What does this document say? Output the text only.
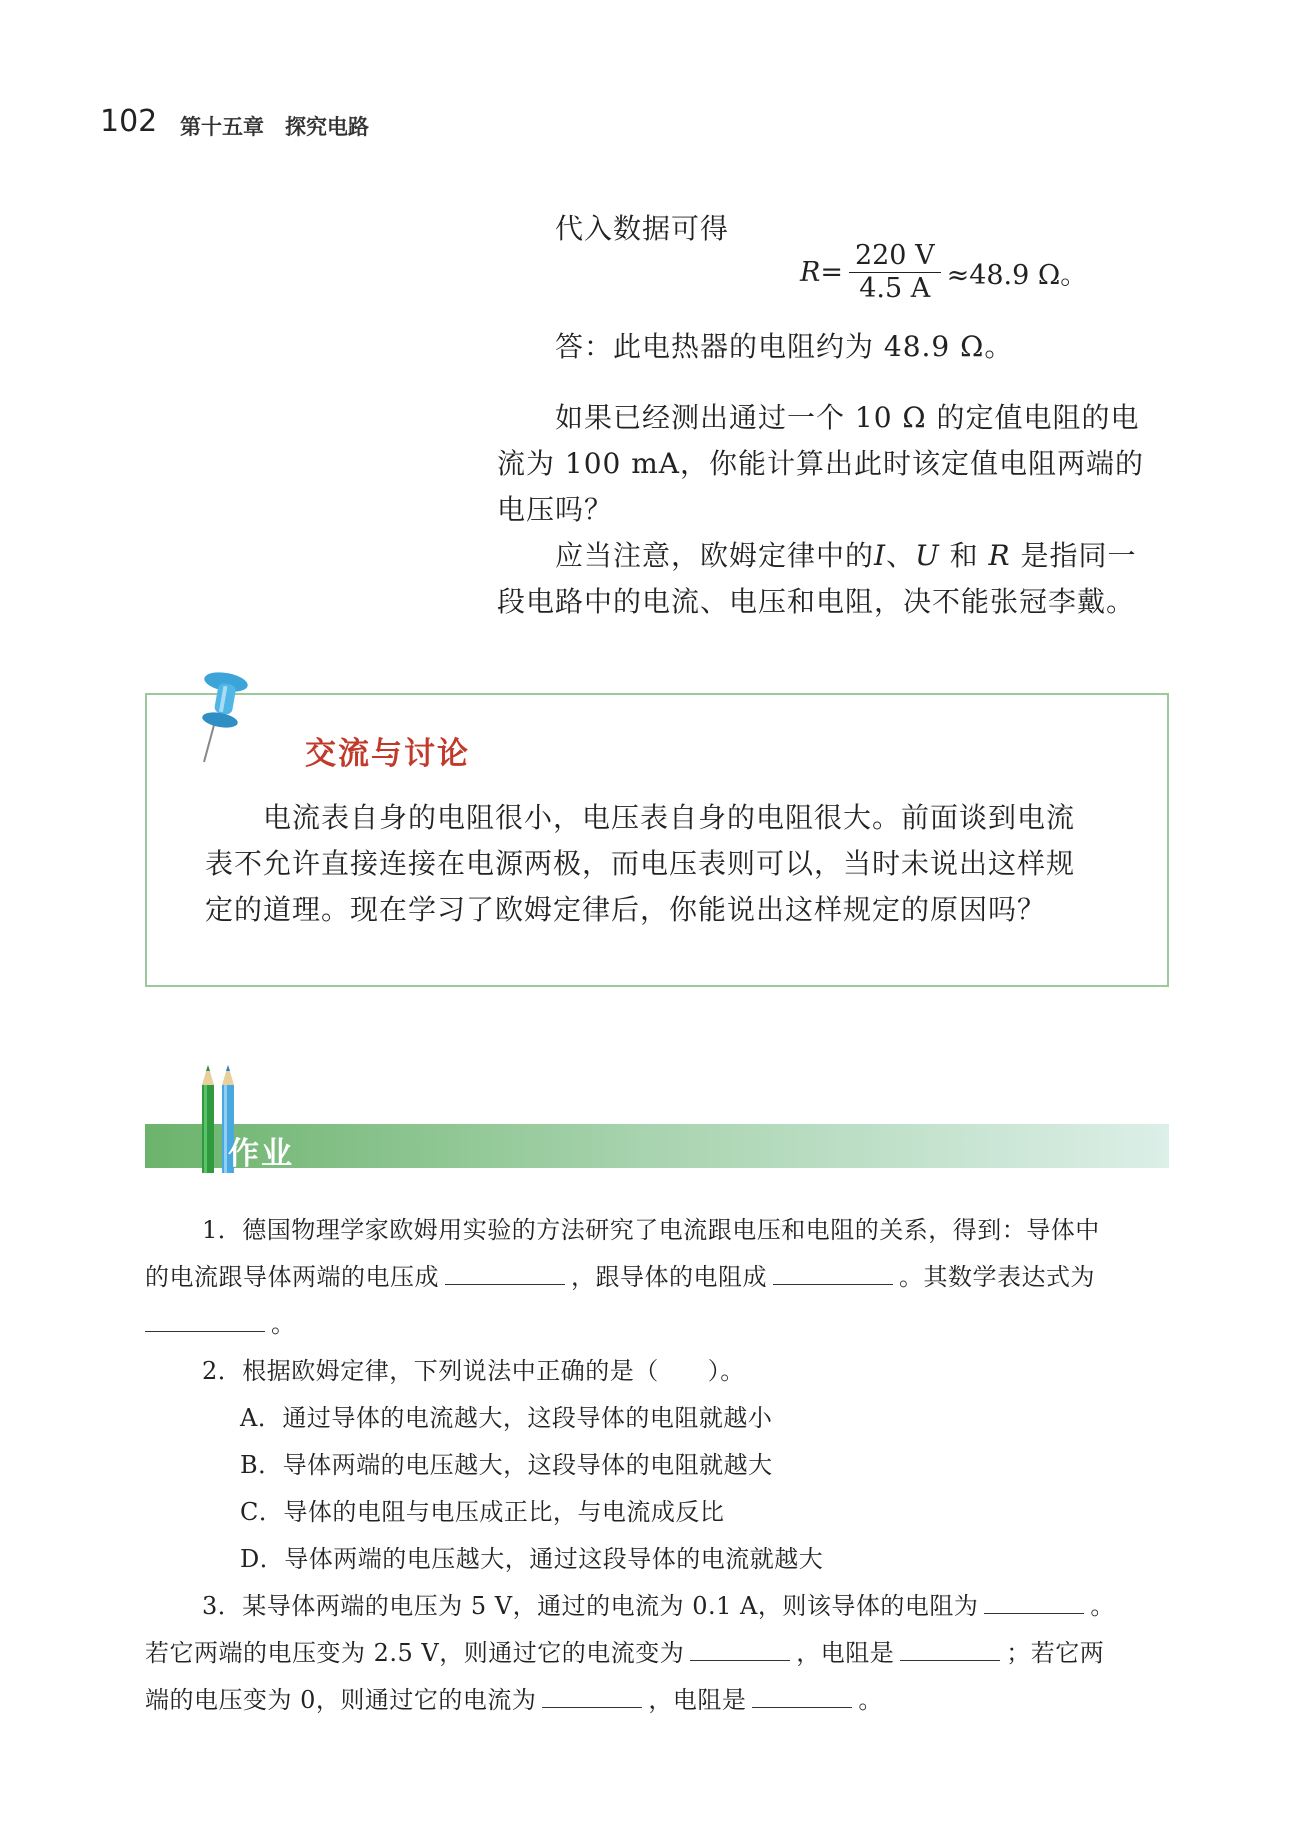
102 第十五章　探究电路
代入数据可得
$R= \frac{220 V}{4.5 A} \approx 48.9$ Ω。
答：此电热器的电阻约为 48.9 Ω。
如果已经测出通过一个 10 Ω 的定值电阻的电
流为 100 mA，你能计算出此时该定值电阻两端的
电压吗？
应当注意，欧姆定律中的I、U 和 R 是指同一
段电路中的电流、电压和电阻，决不能张冠李戴。
交流与讨论
电流表自身的电阻很小，电压表自身的电阻很大。前面谈到电流
表不允许直接连接在电源两极，而电压表则可以，当时未说出这样规
定的道理。现在学习了欧姆定律后，你能说出这样规定的原因吗？
作业
1．德国物理学家欧姆用实验的方法研究了电流跟电压和电阻的关系，得到：导体中
的电流跟导体两端的电压成	，跟导体的电阻成	。其数学表达式为
。
2．根据欧姆定律，下列说法中正确的是（　　）。
A．通过导体的电流越大，这段导体的电阻就越小
B．导体两端的电压越大，这段导体的电阻就越大
C．导体的电阻与电压成正比，与电流成反比
D．导体两端的电压越大，通过这段导体的电流就越大
3．某导体两端的电压为 5 V，通过的电流为 0.1 A，则该导体的电阻为	。
若它两端的电压变为 2.5 V，则通过它的电流变为	，电阻是	；若它两
端的电压变为 0，则通过它的电流为	，电阻是	。
